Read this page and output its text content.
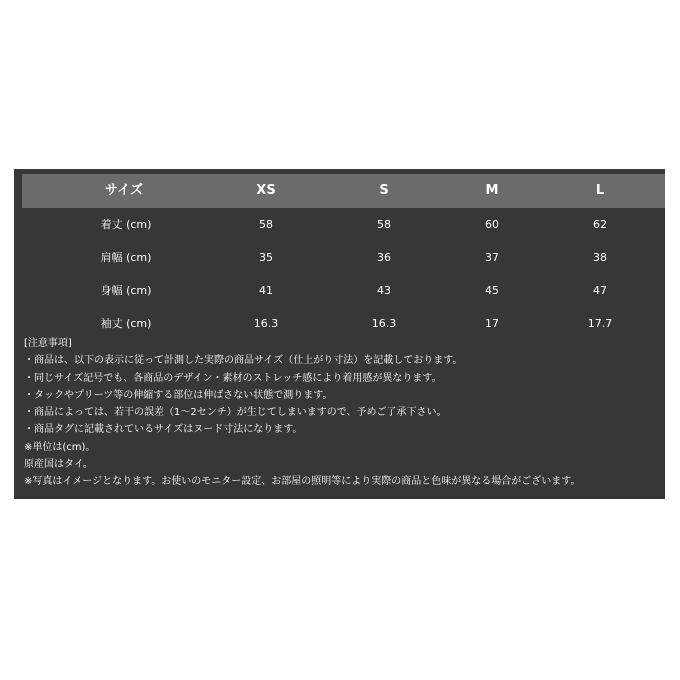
サイズ	XS	S	M	L
着丈 (cm)	58	58	60	62
肩幅 (cm)	35	36	37	38
身幅 (cm)	41	43	45	47
袖丈 (cm)	16.3	16.3	17	17.7
[注意事項]
・商品は、以下の表示に従って計測した実際の商品サイズ（仕上がり寸法）を記載しております。
・同じサイズ記号でも、各商品のデザイン・素材のストレッチ感により着用感が異なります。
・タックやプリーツ等の伸縮する部位は伸ばさない状態で測ります。
・商品によっては、若干の誤差（1〜2センチ）が生じてしまいますので、予めご了承下さい。
・商品タグに記載されているサイズはヌード寸法になります。
※単位は(cm)。
原産国はタイ。
※写真はイメージとなります。お使いのモニター設定、お部屋の照明等により実際の商品と色味が異なる場合がございます。
